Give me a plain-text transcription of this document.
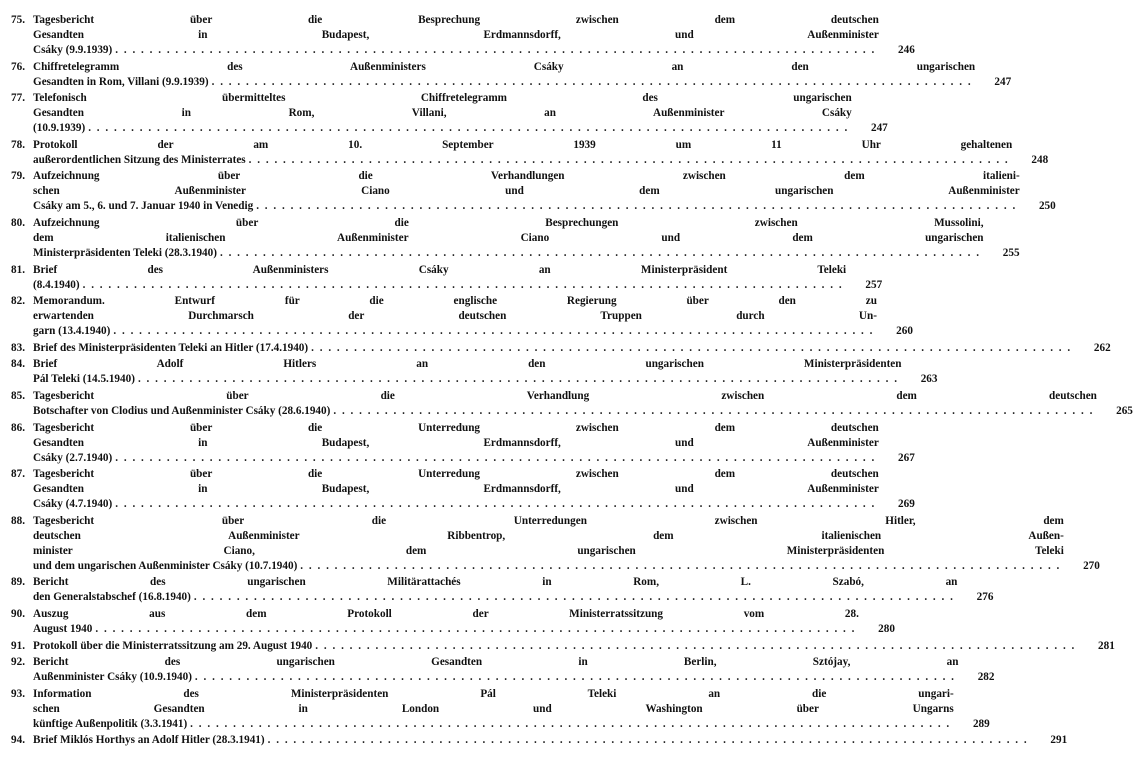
75. Tagesbericht über die Besprechung zwischen dem deutschen
Gesandten in Budapest, Erdmannsdorff, und Außenminister
Csáky (9.9.1939) . . .	246
76. Chiffretelegramm des Außenministers Csáky an den ungarischen
Gesandten in Rom, Villani (9.9.1939) . . .	247
77. Telefonisch übermitteltes Chiffretelegramm des ungarischen
Gesandten in Rom, Villani, an Außenminister Csáky
(10.9.1939) . . .	247
78. Protokoll der am 10. September 1939 um 11 Uhr gehaltenen
außerordentlichen Sitzung des Ministerrates . . .	248
79. Aufzeichnung über die Verhandlungen zwischen dem italieni-
schen Außenminister Ciano und dem ungarischen Außenminister
Csáky am 5., 6. und 7. Januar 1940 in Venedig . . .	250
80. Aufzeichnung über die Besprechungen zwischen Mussolini,
dem italienischen Außenminister Ciano und dem ungarischen
Ministerpräsidenten Teleki (28.3.1940) . . .	255
81. Brief des Außenministers Csáky an Ministerpräsident Teleki
(8.4.1940) . . .	257
82. Memorandum. Entwurf für die englische Regierung über den zu
erwartenden Durchmarsch der deutschen Truppen durch Un-
garn (13.4.1940) . . .	260
83. Brief des Ministerpräsidenten Teleki an Hitler (17.4.1940) . . .	262
84. Brief Adolf Hitlers an den ungarischen Ministerpräsidenten
Pál Teleki (14.5.1940) . . .	263
85. Tagesbericht über die Verhandlung zwischen dem deutschen
Botschafter von Clodius und Außenminister Csáky (28.6.1940) . . .	265
86. Tagesbericht über die Unterredung zwischen dem deutschen
Gesandten in Budapest, Erdmannsdorff, und Außenminister
Csáky (2.7.1940) . . .	267
87. Tagesbericht über die Unterredung zwischen dem deutschen
Gesandten in Budapest, Erdmannsdorff, und Außenminister
Csáky (4.7.1940) . . .	269
88. Tagesbericht über die Unterredungen zwischen Hitler, dem
deutschen Außenminister Ribbentrop, dem italienischen Außen-
minister Ciano, dem ungarischen Ministerpräsidenten Teleki
und dem ungarischen Außenminister Csáky (10.7.1940) . . .	270
89. Bericht des ungarischen Militärattachés in Rom, L. Szabó, an
den Generalstabschef (16.8.1940) . . .	276
90. Auszug aus dem Protokoll der Ministerratssitzung vom 28.
August 1940 . . .	280
91. Protokoll über die Ministerratssitzung am 29. August 1940 . . .	281
92. Bericht des ungarischen Gesandten in Berlin, Sztójay, an
Außenminister Csáky (10.9.1940) . . .	282
93. Information des Ministerpräsidenten Pál Teleki an die ungari-
schen Gesandten in London und Washington über Ungarns
künftige Außenpolitik (3.3.1941) . . .	289
94. Brief Miklós Horthys an Adolf Hitler (28.3.1941) . . .	291
